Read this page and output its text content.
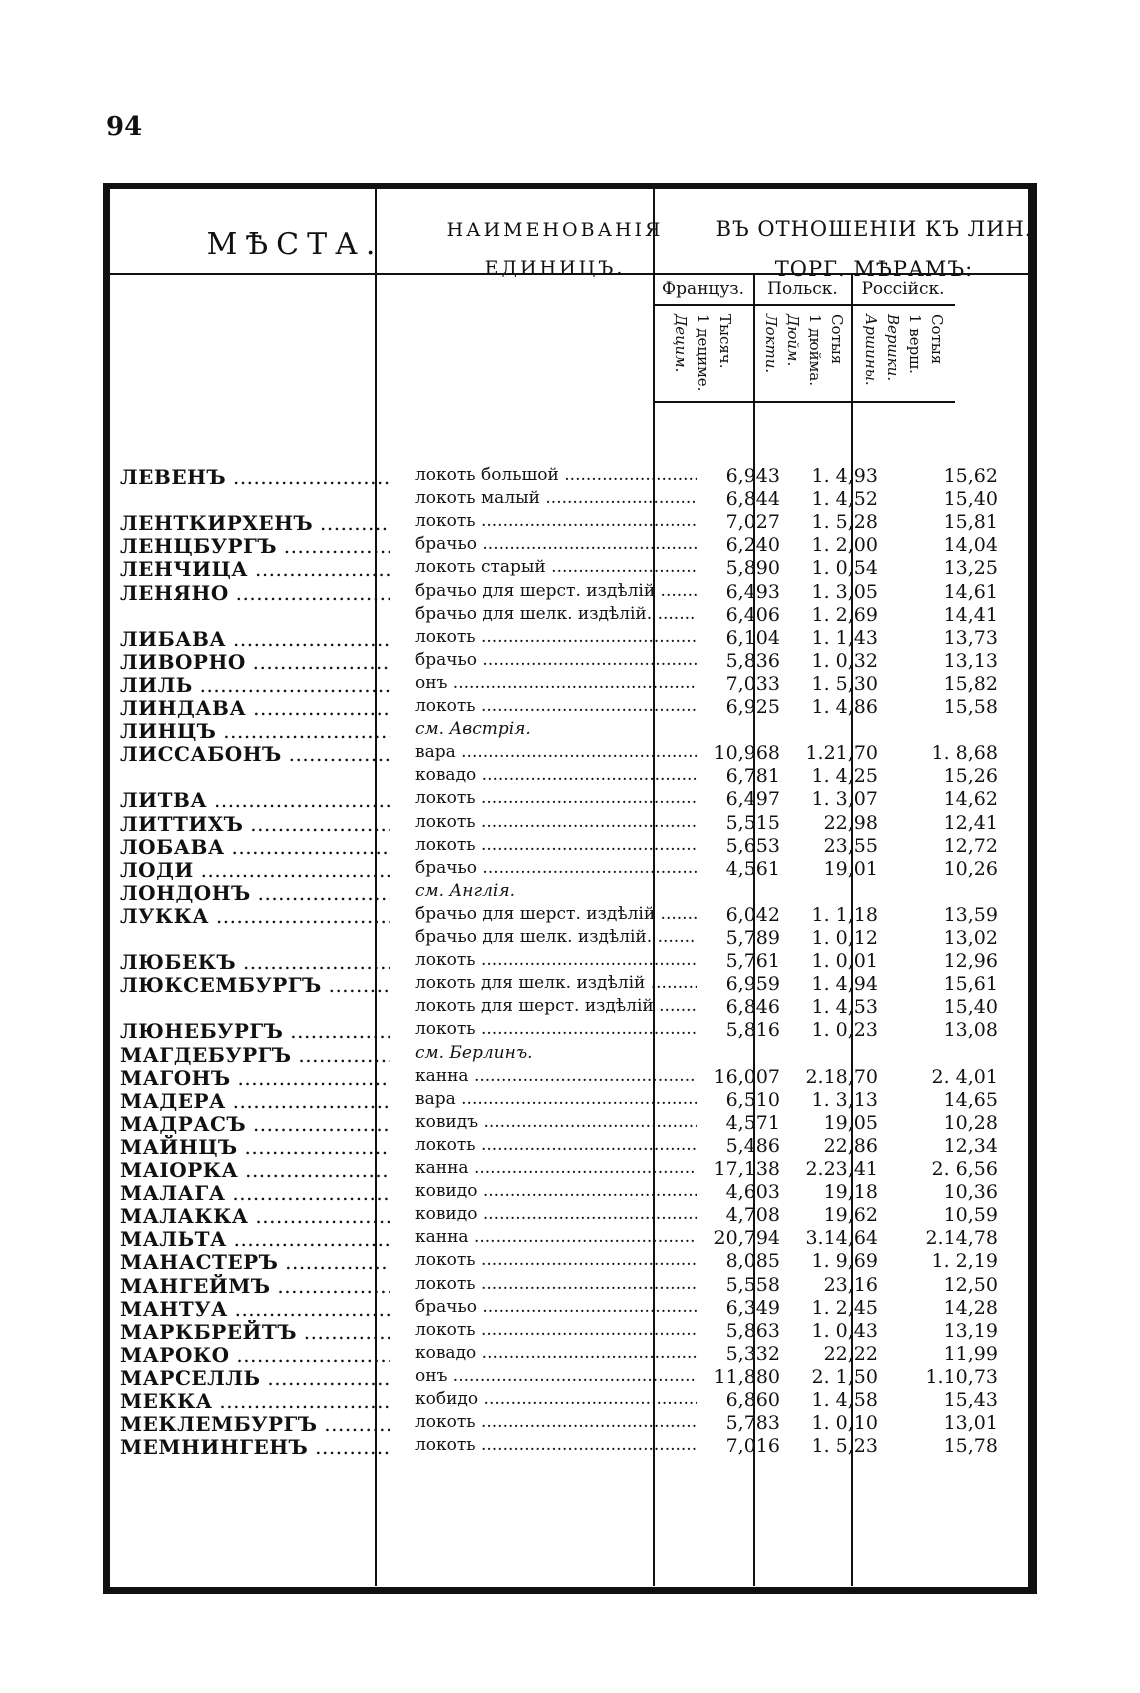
94
МѢСТА.	НАИМЕНОВАНІЯ
ЕДИНИЦЪ.
ВЪ ОТНОШЕНІИ КЪ ЛИН.
ТОРГ. МѢРАМЪ:
Француз.	Польск.	Россійск.
Тысяч.
1 дециме.
Децим.	Сотыя
1 дюйма.
Дюйм.
Локти.	Сотыя
1 верш.
Вершки.
Аршины.
ЛЕВЕНЪ .....	локоть большой .....	6,943	1. 4,93	15,62
локоть малый .....	6,844	1. 4,52	15,40
ЛЕНТКИРХЕНЪ .....	локоть .....	7,027	1. 5,28	15,81
ЛЕНЦБУРГЪ .....	брачьо .....	6,240	1. 2,00	14,04
ЛЕНЧИЦА .....	локоть старый .....	5,890	1. 0,54	13,25
ЛЕНЯНО .....	брачьо для шерст. издѣлій .....	6,493	1. 3,05	14,61
брачьо для шелк. издѣлій. .....	6,406	1. 2,69	14,41
ЛИБАВА .....	локоть .....	6,104	1. 1,43	13,73
ЛИВОРНО .....	брачьо .....	5,836	1. 0,32	13,13
ЛИЛЬ .....	онъ .....	7,033	1. 5,30	15,82
ЛИНДАВА .....	локоть .....	6,925	1. 4,86	15,58
ЛИНЦЪ .....	см. Австрія.
ЛИССАБОНЪ .....	вара .....	10,968	1.21,70	1. 8,68
ковадо .....	6,781	1. 4,25	15,26
ЛИТВА .....	локоть .....	6,497	1. 3,07	14,62
ЛИТТИХЪ .....	локоть .....	5,515	22,98	12,41
ЛОБАВА .....	локоть .....	5,653	23,55	12,72
ЛОДИ .....	брачьо .....	4,561	19,01	10,26
ЛОНДОНЪ .....	см. Англія.
ЛУККА .....	брачьо для шерст. издѣлій .....	6,042	1. 1,18	13,59
брачьо для шелк. издѣлій. .....	5,789	1. 0,12	13,02
ЛЮБЕКЪ .....	локоть .....	5,761	1. 0,01	12,96
ЛЮКСЕМБУРГЪ .....	локоть для шелк. издѣлій .....	6,959	1. 4,94	15,61
локоть для шерст. издѣлій .....	6,846	1. 4,53	15,40
ЛЮНЕБУРГЪ .....	локоть .....	5,816	1. 0,23	13,08
МАГДЕБУРГЪ .....	см. Берлинъ.
МАГОНЪ .....	канна .....	16,007	2.18,70	2. 4,01
МАДЕРА .....	вара .....	6,510	1. 3,13	14,65
МАДРАСЪ .....	ковидъ .....	4,571	19,05	10,28
МАЙНЦЪ .....	локоть .....	5,486	22,86	12,34
МАІОРКА .....	канна .....	17,138	2.23,41	2. 6,56
МАЛАГА .....	ковидо .....	4,603	19,18	10,36
МАЛАККА .....	ковидо .....	4,708	19,62	10,59
МАЛЬТА .....	канна .....	20,794	3.14,64	2.14,78
МАНАСТЕРЪ .....	локоть .....	8,085	1. 9,69	1. 2,19
МАНГЕЙМЪ .....	локоть .....	5,558	23,16	12,50
МАНТУА .....	брачьо .....	6,349	1. 2,45	14,28
МАРКБРЕЙТЪ .....	локоть .....	5,863	1. 0,43	13,19
МАРОКО .....	ковадо .....	5,332	22,22	11,99
МАРСЕЛЛЬ .....	онъ .....	11,880	2. 1,50	1.10,73
МЕККА .....	кобидо .....	6,860	1. 4,58	15,43
МЕКЛЕМБУРГЪ .....	локоть .....	5,783	1. 0,10	13,01
МЕМНИНГЕНЪ .....	локоть .....	7,016	1. 5,23	15,78
